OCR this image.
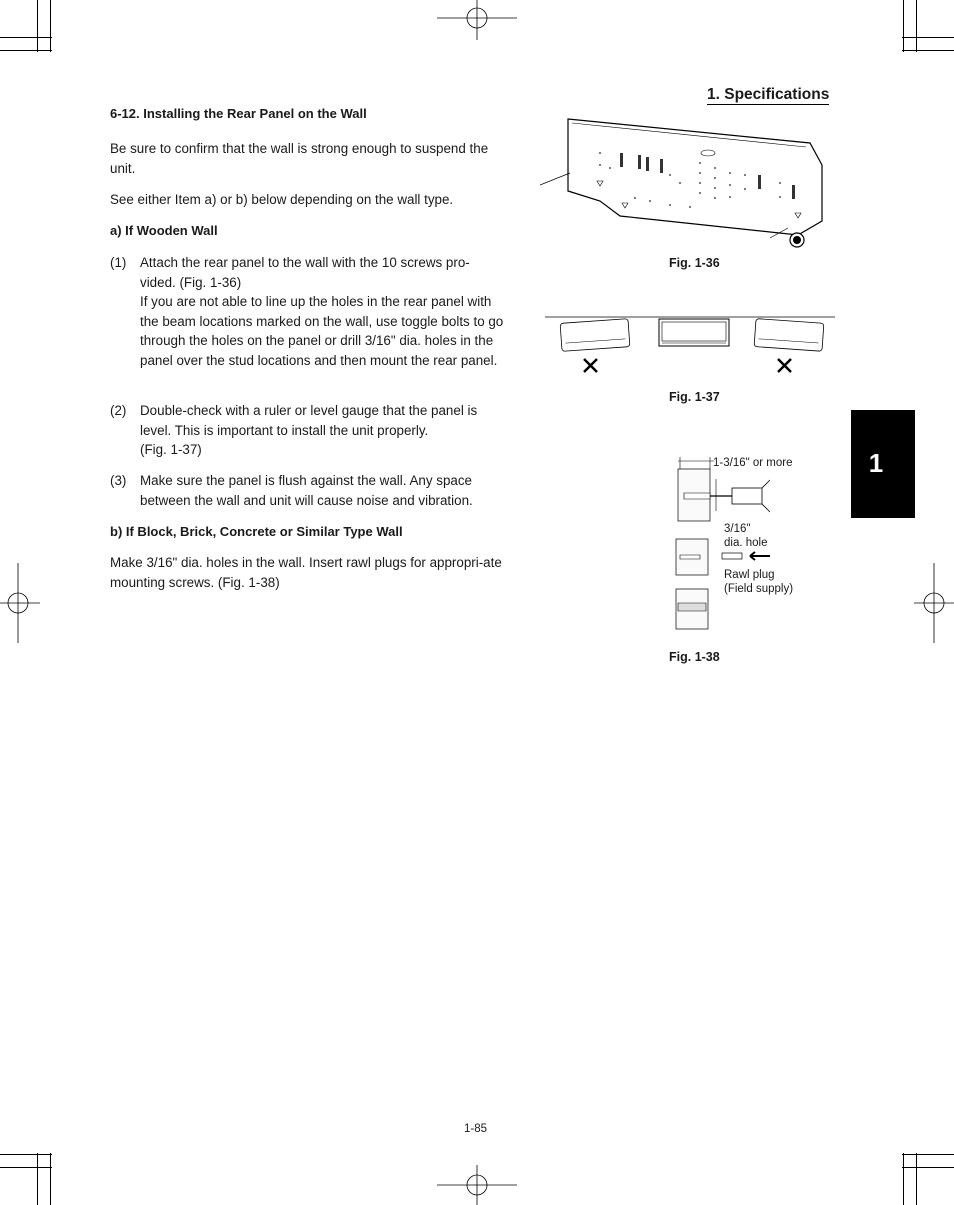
1. Specifications
1
6-12. Installing the Rear Panel on the Wall
Be sure to confirm that the wall is strong enough to suspend the unit.
See either Item a) or b) below depending on the wall type.
a) If Wooden Wall
(1) Attach the rear panel to the wall with the 10 screws pro-vided. (Fig. 1-36)
If you are not able to line up the holes in the rear panel with the beam locations marked on the wall, use toggle bolts to go through the holes on the panel or drill 3/16" dia. holes in the panel over the stud locations and then mount the rear panel.
(2) Double-check with a ruler or level gauge that the panel is level. This is important to install the unit properly.
(Fig. 1-37)
(3) Make sure the panel is flush against the wall. Any space between the wall and unit will cause noise and vibration.
b) If Block, Brick, Concrete or Similar Type Wall
Make 3/16" dia. holes in the wall. Insert rawl plugs for appropri-ate mounting screws. (Fig. 1-38)
Fig. 1-36
Fig. 1-37
1-3/16" or more
3/16"
dia. hole
Rawl plug
(Field supply)
Fig. 1-38
1-85
